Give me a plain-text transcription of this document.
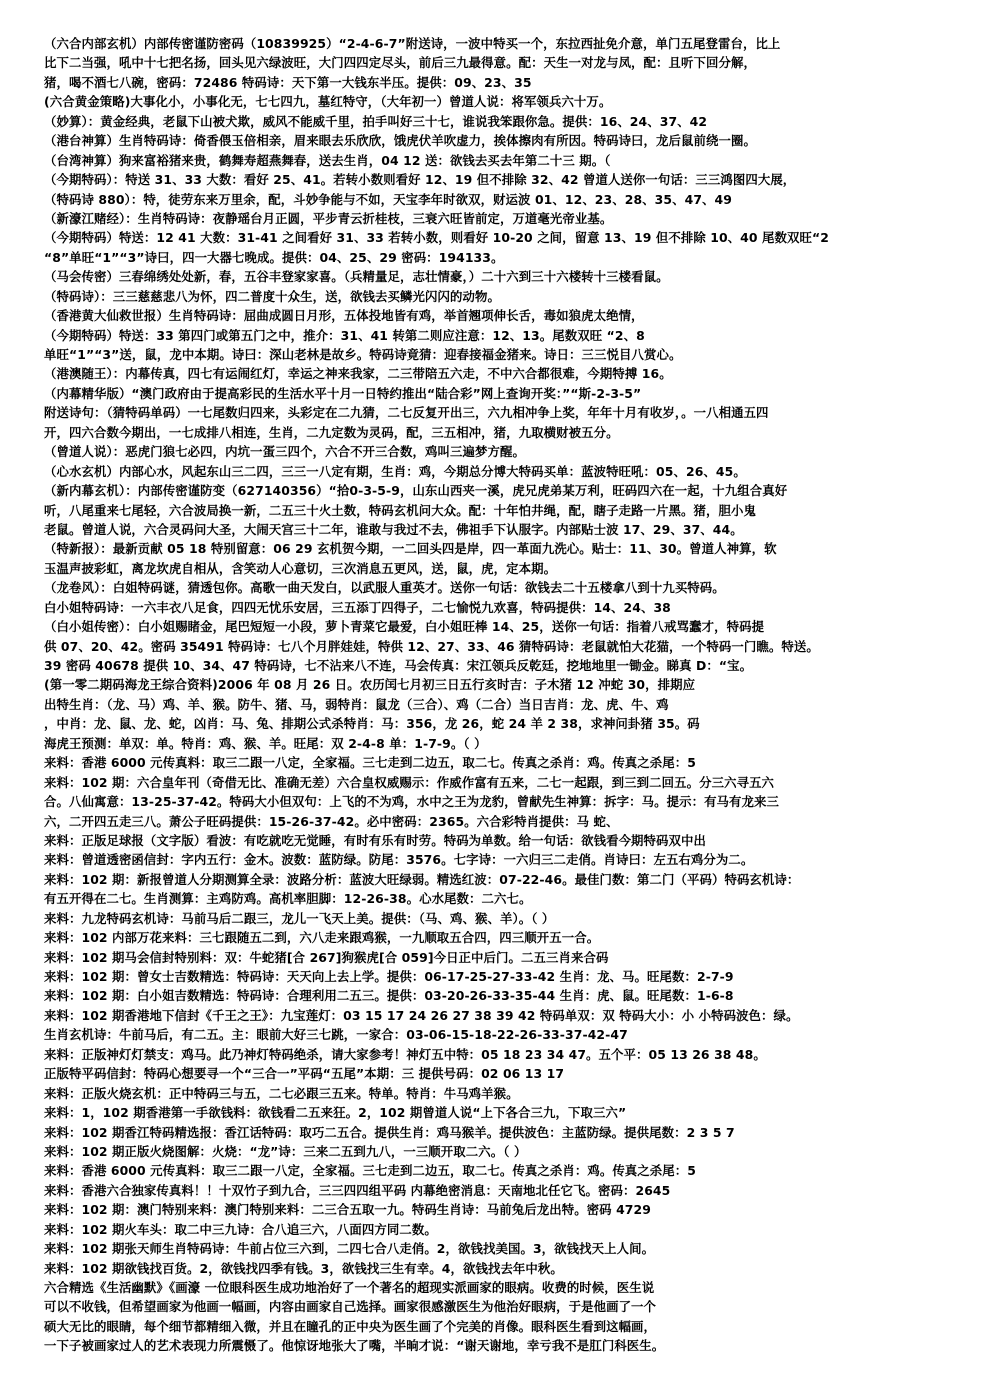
（六合内部玄机）内部传密谨防密码（10839925）“2-4-6-7”附送诗，一波中特买一个，东拉西扯免介意，单门五尾登雷台，比上
比下二当强，吼中十七把名扬，回头见六绿波旺，大门四四定尽头，前后三九最得意。配：天生一对龙与凤，配：且听下回分解，
猪，喝不酒七八碗，密码：72486 特码诗：天下第一大钱东半压。提供：09、23、35
(六合黄金策略)大事化小，小事化无，七七四九，墓红特守，（大年初一）曾道人说：将军领兵六十万。
（妙算）：黄金经典，老鼠下山被犬欺，威风不能威千里，拍手叫好三十七，谁说我笨跟你急。提供：16、24、37、42
（港台神算）生肖特码诗：倚香偎玉倍相亲，眉来眼去乐欣欣，饿虎伏羊吹虚力，挨体擦肉有所因。特码诗曰，龙后鼠前绕一圈。
（台湾神算）狗来富裕猪来贵，鹤舞寿超燕舞春，送去生肖，04 12 送：欲钱去买去年第二十三 期。（
（今期特码）：特送 31、33 大数：看好 25、41。若转小数则看好 12、19 但不排除 32、42 曾道人送你一句话：三三鸿图四大展，
（特码诗 880）：特，徒劳东来万里余，配，斗妙争能与不如，天宝李年时欲双，财运波 01、12、23、28、35、47、49
（新濠江赌经）：生肖特码诗：夜静瑶台月正圆，平步青云折桂枝，三衰六旺皆前定，万道毫光帝业基。
（今期特码）特送：12 41 大数：31-41 之间看好 31、33 若转小数，则看好 10-20 之间，留意 13、19 但不排除 10、40 尾数双旺“2
“8”单旺“1”“3”诗曰，四一大器七晚成。提供：04、25、29 密码：194133。
（马会传密）三春绵绣处处新，春，五谷丰登家家喜。（兵精量足，志壮情豪，）二十六到三十六楼转十三楼看鼠。
（特码诗）：三三慈慈悲八为怀，四二普度十众生，送，欲钱去买鳞光闪闪的动物。
（香港黄大仙救世报）生肖特码诗：屈曲成圆日月形，五体投地皆有鸡，举首翘项伸长舌，毒如狼虎太绝情，
（今期特码）特送：33 第四门或第五门之中，推介：31、41 转第二则应注意：12、13。尾数双旺 “2、8
单旺“1”“3”送，鼠，龙中本期。诗曰：深山老林是故乡。特码诗竟猜：迎春接福金猪来。诗日：三三悦目八赏心。
（港澳随王）：内幕传真，四七有运闹红灯，幸运之神来我家，二三带陪五六走，不中六合都很难，今期特搏 16。
（内幕精华版）“澳门政府由于提高彩民的生活水平十月一日特约推出“陆合彩”网上查询开奖：”“斯-2-3-5”
附送诗句：（猜特码单码）一七尾数归四来，头彩定在二九猜，二七反复开出三，六九相冲争上奖，年年十月有收岁，。一八相通五四
开，四六合数今期出，一七成排八相连，生肖，二九定数为灵码，配，三五相冲，猪，九取横财被五分。
（曾道人说）：恶虎门狼七必四，内坑一蛋三四个，六合不开三合数，鸡叫三遍梦方醒。
（心水玄机）内部心水，风起东山三二四，三三一八定有期，生肖：鸡，今期总分博大特码买单：蓝波特旺吼：05、26、45。
（新内幕玄机）：内部传密谨防变（627140356）“拾0-3-5-9，山东山西夹一溪，虎兄虎弟某万利，旺码四六在一起，十九组合真好
听，八尾重来七尾轻，六合波局换一新，二五三十火土数，特码玄机问大众。配：十年怕井绳，配，瞎子走路一片黑。猪，胆小鬼
老鼠。曾道人说，六合灵码问大圣，大闹天宫三十二年，谁敢与我过不去，佛祖手下认服字。内部贴士波 17、29、37、44。
（特新报）：最新贡献 05 18 特别留意：06 29 玄机贺今期，一二回头四是岸，四一革面九洗心。贴士：11、30。曾道人神算，软
玉温声披彩虹，离龙坎虎自相从，含笑动人心意切，三次消息五更风，送，鼠，虎，定本期。
（龙卷风）：白姐特码谜，猜透包你。高歌一曲天发白，以武服人重英才。送你一句话：欲钱去二十五楼拿八到十九买特码。
白小姐特码诗：一六丰衣八足食，四四无忧乐安居，三五添丁四得子，二七愉悦九欢喜，特码提供：14、24、38
（白小姐传密）：白小姐赐睹金，尾巴短短一小段，萝卜青菜它最爱，白小姐旺棒 14、25，送你一句话：指着八戒骂蠢才，特码提
供 07、20、42。密码 35491 特码诗：七八个月胖娃娃，特供 12、27、33、46 猜特码诗：老鼠就怕大花猫，一个特码一门瞧。特送。
39 密码 40678 提供 10、34、47 特码诗，七不沾来八不连，马会传真：宋江领兵反乾廷，挖地地里一锄金。睇真 D：“宝。
(第一零二期码海龙王综合资料)2006 年 08 月 26 日。农历闰七月初三日五行亥时吉：子木猪 12 冲蛇 30，排期应
出特生肖：（龙、马）鸡、羊、猴。防牛、猪、马，弱特肖：鼠龙（三合）、鸡（二合）当日吉肖：龙、虎、牛、鸡
，中肖：龙、鼠、龙、蛇，凶肖：马、兔、排期公式杀特肖：马：356，龙 26，蛇 24 羊 2 38，求神问卦猪 35。码
海虎王预测：单双：单。特肖：鸡、猴、羊。旺尾：双 2-4-8 单：1-7-9。（ ）
来料：香港 6000 元传真料：取三二跟一八定，全家福。三七走到二边五，取二七。传真之杀肖：鸡。传真之杀尾：5
来料：102 期：六合皇年刊（奇借无比、准确无差）六合皇权威赐示：作威作富有五来，二七一起跟，到三到二回五。分三六寻五六
合。八仙寓意：13-25-37-42。特码大小但双句：上飞的不为鸡，水中之王为龙豹，曾献先生神算：拆字：马。提示：有马有龙来三
六，二开四五走三八。萧公子旺码提供：15-26-37-42。必中密码：2365。六合彩特肖提供：马 蛇、
来料：正版足球报（文字版）看波：有吃就吃无觉睡，有时有乐有时劳。特码为单数。给一句话：欲钱看今期特码双中出
来料：曾道透密函信封：字内五行：金木。波数：蓝防绿。防尾：3576。七字诗：一六归三二走俏。肖诗曰：左五右鸡分为二。
来料：102 期：新报曾道人分期测算全录：波路分析：蓝波大旺绿弱。精选红波：07-22-46。最佳门数：第二门（平码）特码玄机诗：
有五开得在二七。生肖测算：主鸡防鸡。高机率胆脚：12-26-38。心水尾数：二六七。
来料：九龙特码玄机诗：马前马后二跟三，龙儿一飞天上美。提供：（马、鸡、猴、羊）。（ ）
来料：102 内部万花来料：三七跟随五二到，六八走来跟鸡猴，一九顺取五合四，四三顺开五一合。
来料：102 期马会信封特别料：双：牛蛇猪[合 267]狗猴虎[合 059]今日正中后门。二五三肖来合码
来料：102 期：曾女士吉数精选：特码诗：天天向上去上学。提供：06-17-25-27-33-42 生肖：龙、马。旺尾数：2-7-9
来料：102 期：白小姐吉数精选：特码诗：合理利用二五三。提供：03-20-26-33-35-44 生肖：虎、鼠。旺尾数：1-6-8
来料：102 期香港地下信封《千王之王》：九宝莲灯：03 15 17 24 26 27 38 39 42 特码单双：双 特码大小：小 小特码波色：绿。
生肖玄机诗：牛前马后，有二五。主：眼前大好三七跳，一家合：03-06-15-18-22-26-33-37-42-47
来料：正版神灯灯禁支：鸡马。此乃神灯特码绝杀，请大家参考！神灯五中特：05 18 23 34 47。五个平：05 13 26 38 48。
正版特平码信封：特码心想要寻一个“三合一”平码“五尾”本期：三 提供号码：02 06 13 17
来料：正版火烧玄机：正中特码三与五，二七必跟三五来。特单。特肖：牛马鸡羊猴。
来料：1，102 期香港第一手欲钱料：欲钱看二五来狂。2，102 期曾道人说“上下各合三九，下取三六”
来料：102 期香江特码精选报：香江话特码：取巧二五合。提供生肖：鸡马猴羊。提供波色：主蓝防绿。提供尾数：2 3 5 7
来料：102 期正版火烧图解：火烧：“龙”诗：三来二五到九八，一三顺开取二六。（ ）
来料：香港 6000 元传真料：取三二跟一八定，全家福。三七走到二边五，取二七。传真之杀肖：鸡。传真之杀尾：5
来料：香港六合独家传真料！！十双竹子到九合，三三四四组平码 内幕绝密消息：天南地北任它飞。密码：2645
来料：102 期：澳门特别来料：澳门特别来料：二三合五取一九。特码生肖诗：马前兔后龙出特。密码 4729
来料：102 期火车头：取二中三九诗：合八追三六，八面四方同二数。
来料：102 期张天师生肖特码诗：牛前占位三六到，二四七合八走俏。2，欲钱找美国。3，欲钱找天上人间。
来料：102 期欲钱找百货。2，欲钱找四季有钱。3，欲钱找三生有幸。4，欲钱找去年中秋。
六合精选《生活幽默》《画濠 一位眼科医生成功地治好了一个著名的超现实派画家的眼病。收费的时候，医生说
可以不收钱，但希望画家为他画一幅画，内容由画家自己选择。画家很感激医生为他治好眼病，于是他画了一个
硕大无比的眼睛，每个细节都精细入微，并且在瞳孔的正中央为医生画了个完美的肖像。眼科医生看到这幅画，
一下子被画家过人的艺术表现力所震慑了。他惊讶地张大了嘴，半晌才说：“谢天谢地，幸亏我不是肛门科医生。
